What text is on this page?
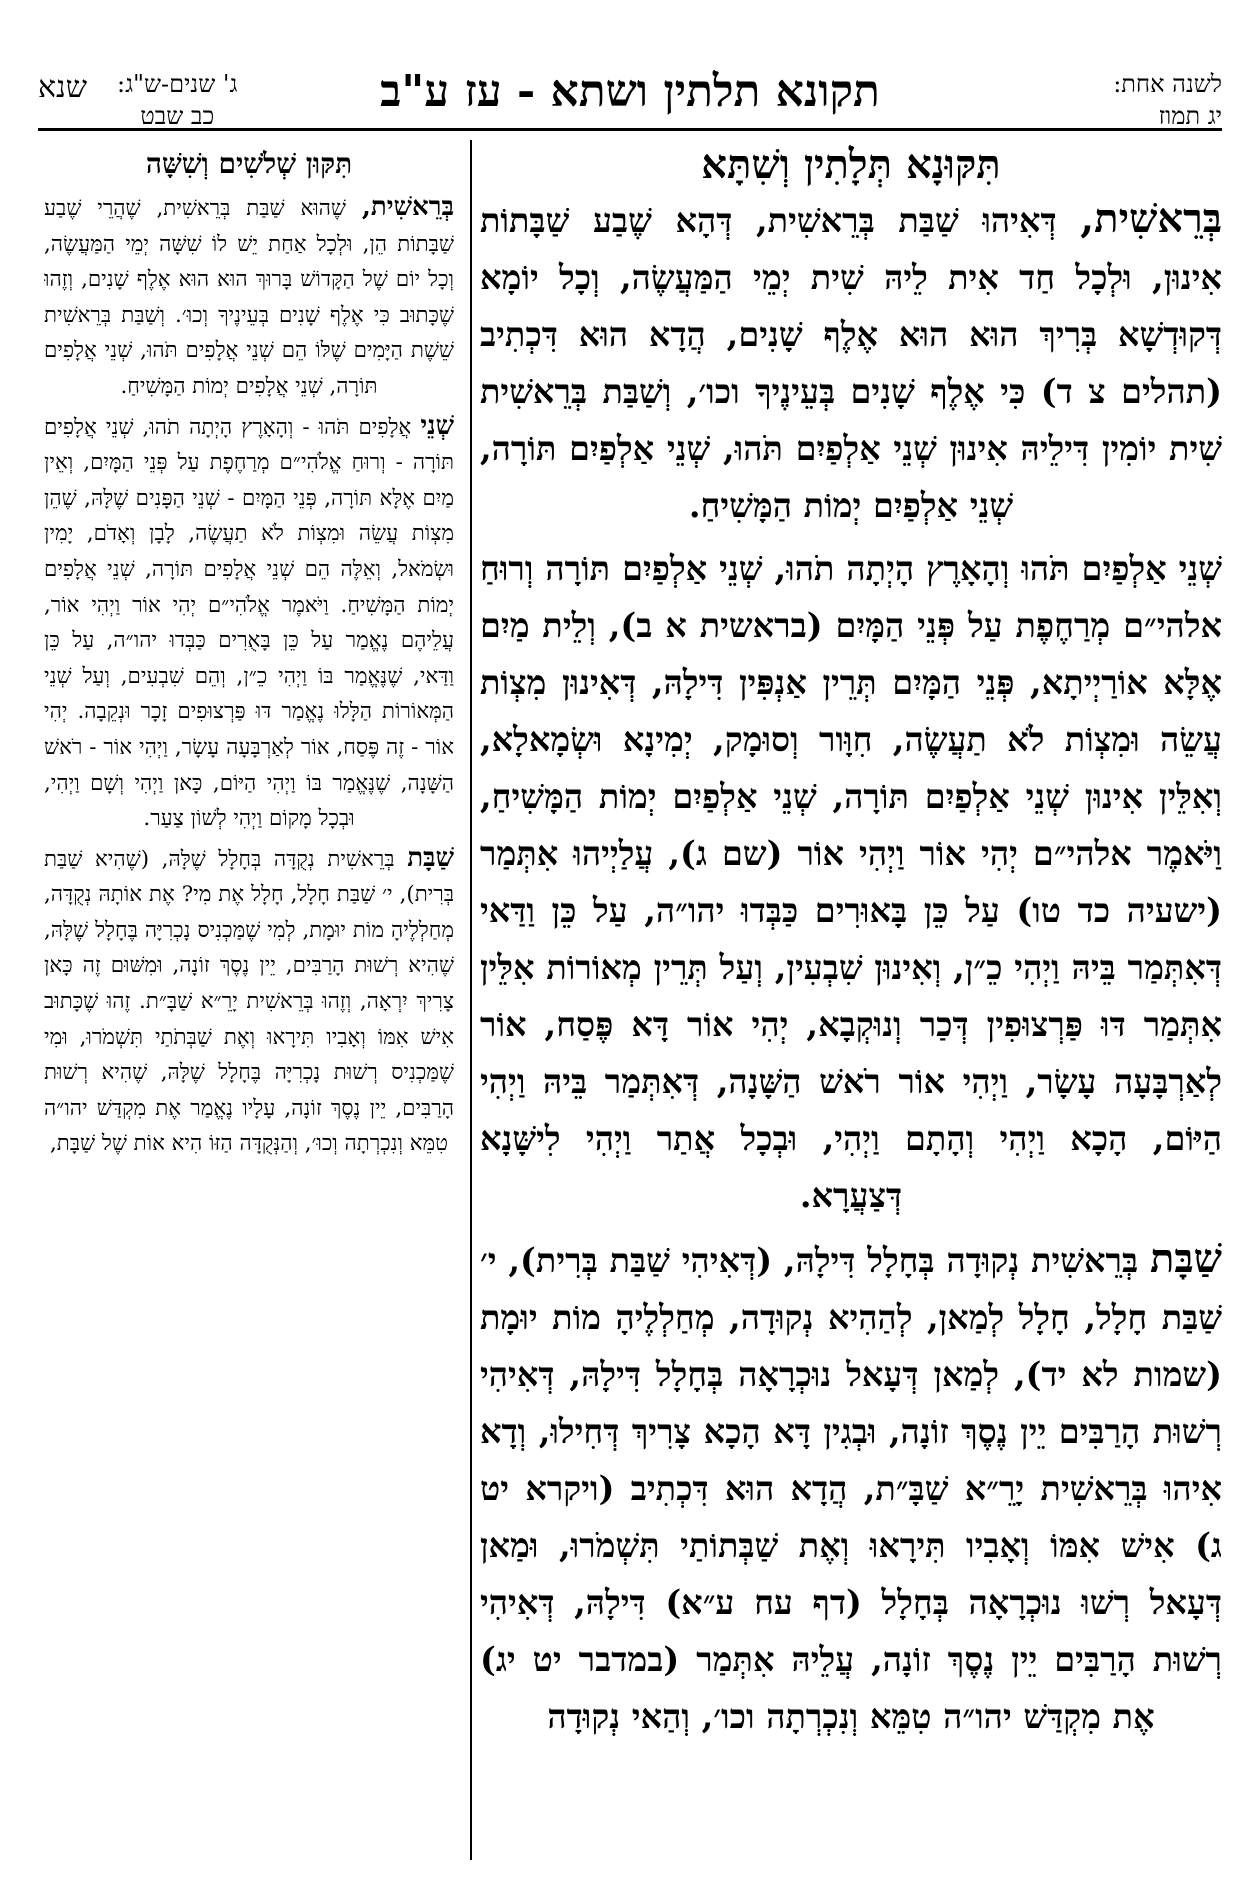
לשנה אחת:
יג תמוז
תקונא תלתין ושתא - עז ע"ב
ג' שנים-ש"ג:
כב שבט
שנא
תִּקּוּנָא תְּלָתִין וְשִׁתָּא

בְּרֵאשִׁית, דְּאִיהוּ שַׁבַּת בְּרֵאשִׁית, דְּהָא שֶׁבַע שַׁבָּתוֹת אִינוּן, וּלְכָל חַד אִית לֵיהּ שִׁית יְמֵי הַמַּעֲשֶׂה, וְכָל יוֹמָא דְּקוּדְשָׁא בְּרִיךְ הוּא הוּא אֶלֶף שָׁנִים, הֲדָא הוּא דִּכְתִיב (תהלים צ ד) כִּי אֶלֶף שָׁנִים בְּעֵינֶיךָ וכו׳, וְשַׁבַּת בְּרֵאשִׁית שִׁית יוֹמִין דִּילֵיהּ אִינוּן שְׁנֵי אַלְפַיִם תֹּהוּ, שְׁנֵי אַלְפַיִם תּוֹרָה, שְׁנֵי אַלְפַיִם יְמוֹת הַמָּשִׁיחַ.

שְׁנֵי אַלְפַיִם תֹּהוּ וְהָאָרֶץ הָיְתָה תֹהוּ, שְׁנֵי אַלְפַיִם תּוֹרָה וְרוּחַ אלהי״ם מְרַחֶפֶת עַל פְּנֵי הַמָּיִם (בראשית א ב), וְלֵית מַיִם אֶלָּא אוֹרַיְיתָא, פְּנֵי הַמָּיִם תְּרֵין אַנְפִּין דִּילָהּ, דְּאִינוּן מִצְוֹת עֲשֵׂה וּמִצְוֹת לֹא תַעֲשֶׂה, חִוָּור וְסוּמָק, יְמִינָא וּשְׂמָאלָא, וְאִלֵּין אִינוּן שְׁנֵי אַלְפַיִם תּוֹרָה, שְׁנֵי אַלְפַיִם יְמוֹת הַמָּשִׁיחַ, וַיֹּאמֶר אלהי״ם יְהִי אוֹר וַיְהִי אוֹר (שם ג), עֲלַיְיהוּ אִתְּמַר (ישעיה כד טו) עַל כֵּן בָּאוּרִים כַּבְּדוּ יהו״ה, עַל כֵּן וַדַּאי דְּאִתְּמַר בֵּיהּ וַיְהִי כֵ״ן, וְאִינוּן שִׁבְעִין, וְעַל תְּרֵין מְאוֹרוֹת אִלֵּין אִתְּמַר דּוּ פַּרְצוּפִין דְּכַר וְנוּקְבָא, יְהִי אוֹר דָּא פֶּסַח, אוֹר לְאַרְבָּעָה עָשָׂר, וַיְהִי אוֹר רֹאשׁ הַשָּׁנָה, דְּאִתְּמַר בֵּיהּ וַיְהִי הַיּוֹם, הָכָא וַיְהִי וְהָתָם וַיְהִי, וּבְכָל אֲתַר וַיְהִי לִישָּׁנָא דְּצַעֲרָא.

שַׁבָּת בְּרֵאשִׁית נְקוּדָה בְּחָלָל דִּילָהּ, (דְּאִיהִי שַׁבַּת בְּרִית), י׳ שַׁבַּת חָלָל, חָלָל לְמַאן, לְהַהִיא נְקוּדָה, מְחַלְלֶיהָ מוֹת יוּמָת (שמות לא יד), לְמַאן דְּעָאל נוּכְרָאָה בְּחָלָל דִּילָהּ, דְּאִיהִי רְשׁוּת הָרַבִּים יֵין נֶסֶךְ זוֹנָה, וּבְגִין דָּא הָכָא צָרִיךְ דְּחִילוּ, וְדָא אִיהוּ בְּרֵאשִׁית יָרֵ״א שַׁבָּ״ת, הֲדָא הוּא דִּכְתִיב (ויקרא יט ג) אִישׁ אִמּוֹ וְאָבִיו תִּירָאוּ וְאֶת שַׁבְּתוֹתַי תִּשְׁמֹרוּ, וּמַאן דְּעָאל רְשׁוּ נוּכְרָאָה בְּחָלָל (דף עח ע״א) דִּילָהּ, דְּאִיהִי רְשׁוּת הָרַבִּים יֵין נֶסֶךְ זוֹנָה, עֲלֵיהּ אִתְּמַר (במדבר יט יג) אֶת מִקְדַּשׁ יהו״ה טִמֵּא וְנִכְרְתָה וכו׳, וְהַאי נְקוּדָה

תִּקּוּן שְׁלֹשִׁים וְשִׁשָּׁה

בְּרֵאשִׁית, שֶׁהוּא שַׁבַּת בְּרֵאשִׁית, שֶׁהֲרֵי שֶׁבַע שַׁבָּתוֹת הֵן, וּלְכָל אַחַת יֵשׁ לוֹ שִׁשָּׁה יְמֵי הַמַּעֲשֶׂה, וְכָל יוֹם שֶׁל הַקָּדוֹשׁ בָּרוּךְ הוּא הוּא אֶלֶף שָׁנִים, וְזֶהוּ שֶׁכָּתוּב כִּי אֶלֶף שָׁנִים בְּעֵינֶיךָ וְכוּ׳. וְשַׁבַּת בְּרֵאשִׁית שֵׁשֶׁת הַיָּמִים שֶׁלּוֹ הֵם שְׁנֵי אֲלָפִים תֹּהוּ, שְׁנֵי אֲלָפִים תּוֹרָה, שְׁנֵי אֲלָפִים יְמוֹת הַמָּשִׁיחַ.

שְׁנֵי אֲלָפִים תֹּהוּ - וְהָאָרֶץ הָיְתָה תֹהוּ, שְׁנֵי אֲלָפִים תּוֹרָה - וְרוּחַ אֱלֹהִי״ם מְרַחֶפֶת עַל פְּנֵי הַמָּיִם, וְאֵין מַיִם אֶלָּא תּוֹרָה, פְּנֵי הַמָּיִם - שְׁנֵי הַפָּנִים שֶׁלָּהּ, שֶׁהֵן מִצְוֹת עֲשֵׂה וּמִצְוֹת לֹא תַעֲשֶׂה, לָבָן וְאָדֹם, יָמִין וּשְׂמֹאל, וְאֵלֶּה הֵם שְׁנֵי אֲלָפִים תּוֹרָה, שְׁנֵי אֲלָפִים יְמוֹת הַמָּשִׁיחַ. וַיֹּאמֶר אֱלֹהִי״ם יְהִי אוֹר וַיְהִי אוֹר, עֲלֵיהֶם נֶאֱמַר עַל כֵּן בָּאֻרִים כַּבְּדוּ יהו״ה, עַל כֵּן וַדַּאי, שֶׁנֶּאֱמַר בּוֹ וַיְהִי כֵ״ן, וְהֵם שִׁבְעִים, וְעַל שְׁנֵי הַמְּאוֹרוֹת הַלָּלוּ נֶאֱמַר דּוּ פַּרְצוּפִים זָכָר וּנְקֵבָה. יְהִי אוֹר - זֶה פֶּסַח, אוֹר לְאַרְבָּעָה עָשָׂר, וַיְהִי אוֹר - רֹאשׁ הַשָּׁנָה, שֶׁנֶּאֱמַר בּוֹ וַיְהִי הַיּוֹם, כָּאן וַיְהִי וְשָׁם וַיְהִי, וּבְכָל מָקוֹם וַיְהִי לְשׁוֹן צַעַר.

שַׁבָּת בְּרֵאשִׁית נְקֻדָּה בְּחָלָל שֶׁלָּהּ, (שֶׁהִיא שַׁבַּת בְּרִית), י׳ שַׁבַּת חָלָל, חָלָל אֶת מִי? אֶת אוֹתָהּ נְקֻדָּה, מְחַלְלֶיהָ מוֹת יוּמָת, לְמִי שֶׁמַּכְנִיס נָכְרִיָּה בֶּחָלָל שֶׁלָּהּ, שֶׁהִיא רְשׁוּת הָרַבִּים, יֵין נֶסֶךְ זוֹנָה, וּמִשּׁוּם זֶה כָּאן צָרִיךְ יִרְאָה, וְזֶהוּ בְּרֵאשִׁית יָרֵ״א שַׁבָּ״ת. זֶהוּ שֶׁכָּתוּב אִישׁ אִמּוֹ וְאָבִיו תִּירָאוּ וְאֶת שַׁבְּתֹתַי תִּשְׁמֹרוּ, וּמִי שֶׁמַּכְנִיס רְשׁוּת נָכְרִיָּה בֶּחָלָל שֶׁלָּהּ, שֶׁהִיא רְשׁוּת הָרַבִּים, יֵין נֶסֶךְ זוֹנָה, עָלָיו נֶאֱמַר אֶת מִקְדַּשׁ יהו״ה טִמֵּא וְנִכְרְתָה וְכוּ׳, וְהַנְּקֻדָּה הַזּוֹ הִיא אוֹת שֶׁל שַׁבָּת,
